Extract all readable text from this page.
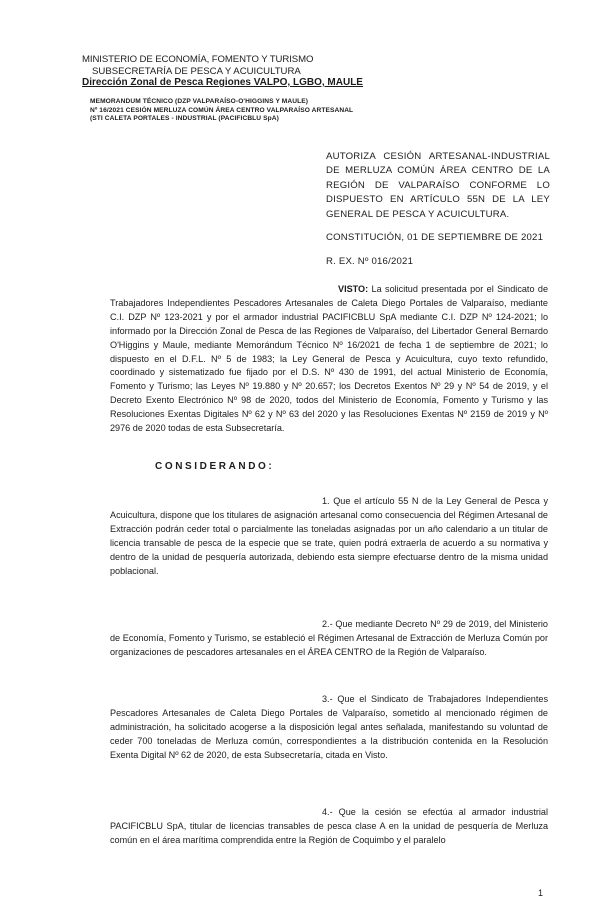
MINISTERIO DE ECONOMÍA, FOMENTO Y TURISMO
SUBSECRETARÍA DE PESCA Y ACUICULTURA
Dirección Zonal de Pesca Regiones VALPO, LGBO, MAULE
MEMORANDUM TÉCNICO (DZP VALPARAÍSO-O'HIGGINS Y MAULE)
Nº 16/2021 CESIÓN MERLUZA COMÚN ÁREA CENTRO VALPARAÍSO ARTESANAL
(STI CALETA PORTALES - INDUSTRIAL (PACIFICBLU SpA)
AUTORIZA CESIÓN ARTESANAL-INDUSTRIAL DE MERLUZA COMÚN ÁREA CENTRO DE LA REGIÓN DE VALPARAÍSO CONFORME LO DISPUESTO EN ARTÍCULO 55N DE LA LEY GENERAL DE PESCA Y ACUICULTURA.
CONSTITUCIÓN, 01 DE SEPTIEMBRE DE 2021
R. EX. Nº 016/2021
VISTO: La solicitud presentada por el Sindicato de Trabajadores Independientes Pescadores Artesanales de Caleta Diego Portales de Valparaíso, mediante C.I. DZP Nº 123-2021 y por el armador industrial PACIFICBLU SpA mediante C.I. DZP Nº 124-2021; lo informado por la Dirección Zonal de Pesca de las Regiones de Valparaíso, del Libertador General Bernardo O'Higgins y Maule, mediante Memorándum Técnico Nº 16/2021 de fecha 1 de septiembre de 2021; lo dispuesto en el D.F.L. Nº 5 de 1983; la Ley General de Pesca y Acuicultura, cuyo texto refundido, coordinado y sistematizado fue fijado por el D.S. Nº 430 de 1991, del actual Ministerio de Economía, Fomento y Turismo; las Leyes Nº 19.880 y Nº 20.657; los Decretos Exentos Nº 29 y Nº 54 de 2019, y el Decreto Exento Electrónico Nº 98 de 2020, todos del Ministerio de Economía, Fomento y Turismo y las Resoluciones Exentas Digitales Nº 62 y Nº 63 del 2020 y las Resoluciones Exentas Nº 2159 de 2019 y Nº 2976 de 2020 todas de esta Subsecretaría.
CONSIDERANDO:
1. Que el artículo 55 N de la Ley General de Pesca y Acuicultura, dispone que los titulares de asignación artesanal como consecuencia del Régimen Artesanal de Extracción podrán ceder total o parcialmente las toneladas asignadas por un año calendario a un titular de licencia transable de pesca de la especie que se trate, quien podrá extraerla de acuerdo a su normativa y dentro de la unidad de pesquería autorizada, debiendo esta siempre efectuarse dentro de la misma unidad poblacional.
2.- Que mediante Decreto Nº 29 de 2019, del Ministerio de Economía, Fomento y Turismo, se estableció el Régimen Artesanal de Extracción de Merluza Común por organizaciones de pescadores artesanales en el ÁREA CENTRO de la Región de Valparaíso.
3.- Que el Sindicato de Trabajadores Independientes Pescadores Artesanales de Caleta Diego Portales de Valparaíso, sometido al mencionado régimen de administración, ha solicitado acogerse a la disposición legal antes señalada, manifestando su voluntad de ceder 700 toneladas de Merluza común, correspondientes a la distribución contenida en la Resolución Exenta Digital Nº 62 de 2020, de esta Subsecretaría, citada en Visto.
4.- Que la cesión se efectúa al armador industrial PACIFICBLU SpA, titular de licencias transables de pesca clase A en la unidad de pesquería de Merluza común en el área marítima comprendida entre la Región de Coquimbo y el paralelo
1
